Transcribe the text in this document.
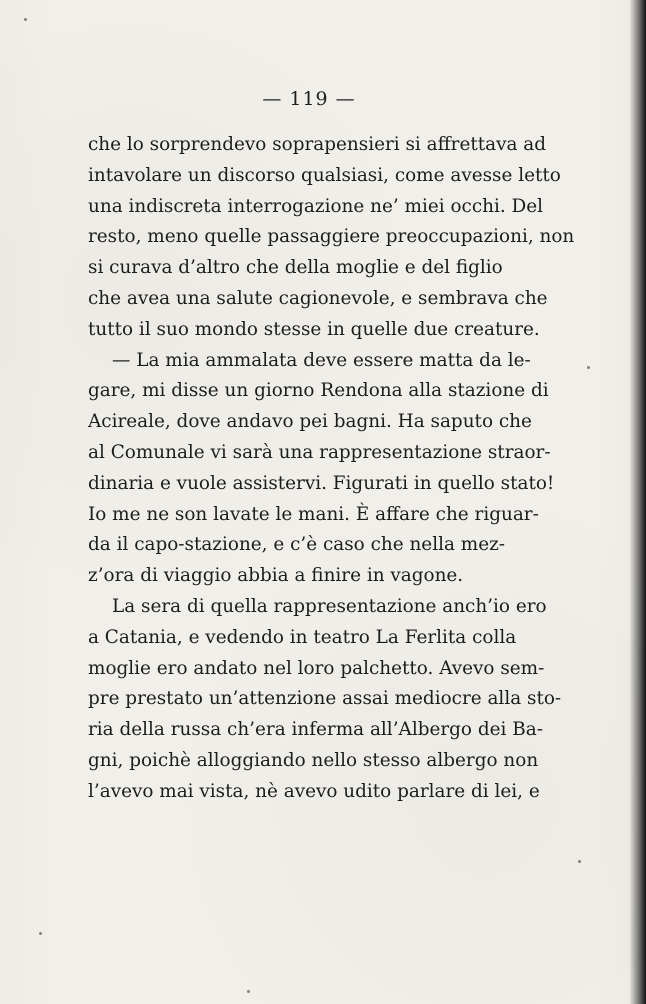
— 119 —
che lo sorprendevo soprapensieri si affrettava ad
intavolare un discorso qualsiasi, come avesse letto
una indiscreta interrogazione ne’ miei occhi. Del
resto, meno quelle passaggiere preoccupazioni, non
si curava d’altro che della moglie e del figlio
che avea una salute cagionevole, e sembrava che
tutto il suo mondo stesse in quelle due creature.
— La mia ammalata deve essere matta da le-
gare, mi disse un giorno Rendona alla stazione di
Acireale, dove andavo pei bagni. Ha saputo che
al Comunale vi sarà una rappresentazione straor-
dinaria e vuole assistervi. Figurati in quello stato!
Io me ne son lavate le mani. È affare che riguar-
da il capo-stazione, e c’è caso che nella mez-
z’ora di viaggio abbia a finire in vagone.
La sera di quella rappresentazione anch’io ero
a Catania, e vedendo in teatro La Ferlita colla
moglie ero andato nel loro palchetto. Avevo sem-
pre prestato un’attenzione assai mediocre alla sto-
ria della russa ch’era inferma all’Albergo dei Ba-
gni, poichè alloggiando nello stesso albergo non
l’avevo mai vista, nè avevo udito parlare di lei, e
